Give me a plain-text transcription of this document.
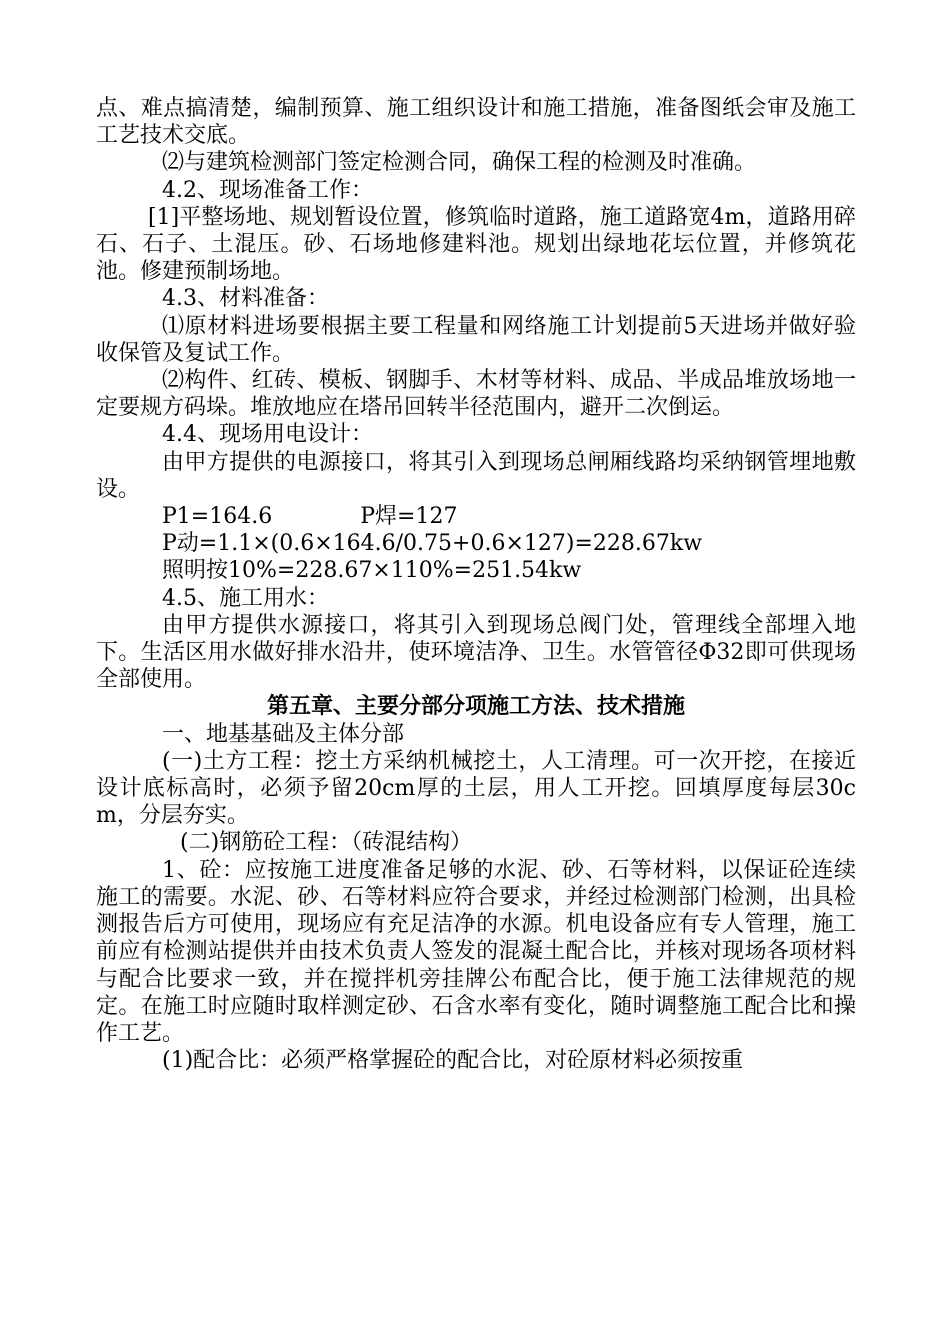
点、难点搞清楚，编制预算、施工组织设计和施工措施，准备图纸会审及施工工艺技术交底。

⑵与建筑检测部门签定检测合同，确保工程的检测及时准确。

4.2、现场准备工作：

[1]平整场地、规划暂设位置，修筑临时道路，施工道路宽4m，道路用碎石、石子、土混压。砂、石场地修建料池。规划出绿地花坛位置，并修筑花池。修建预制场地。

4.3、材料准备：

⑴原材料进场要根据主要工程量和网络施工计划提前5天进场并做好验收保管及复试工作。

⑵构件、红砖、模板、钢脚手、木材等材料、成品、半成品堆放场地一定要规方码垛。堆放地应在塔吊回转半径范围内，避开二次倒运。

4.4、现场用电设计：

由甲方提供的电源接口，将其引入到现场总闸厢线路均采纳钢管埋地敷设。

P1=164.6	P焊=127

P动=1.1×(0.6×164.6/0.75+0.6×127)=228.67kw

照明按10%=228.67×110%=251.54kw

4.5、施工用水：

由甲方提供水源接口，将其引入到现场总阀门处，管理线全部埋入地下。生活区用水做好排水沿井，使环境洁净、卫生。水管管径Φ32即可供现场全部使用。

第五章、主要分部分项施工方法、技术措施

一、地基基础及主体分部

(一)土方工程：挖土方采纳机械挖土，人工清理。可一次开挖，在接近设计底标高时，必须予留20cm厚的土层，用人工开挖。回填厚度每层30cm，分层夯实。

(二)钢筋砼工程：（砖混结构）

1、砼：应按施工进度准备足够的水泥、砂、石等材料，以保证砼连续施工的需要。水泥、砂、石等材料应符合要求，并经过检测部门检测，出具检测报告后方可使用，现场应有充足洁净的水源。机电设备应有专人管理，施工前应有检测站提供并由技术负责人签发的混凝土配合比，并核对现场各项材料与配合比要求一致，并在搅拌机旁挂牌公布配合比，便于施工法律规范的规定。在施工时应随时取样测定砂、石含水率有变化，随时调整施工配合比和操作工艺。

(1)配合比：必须严格掌握砼的配合比，对砼原材料必须按重
